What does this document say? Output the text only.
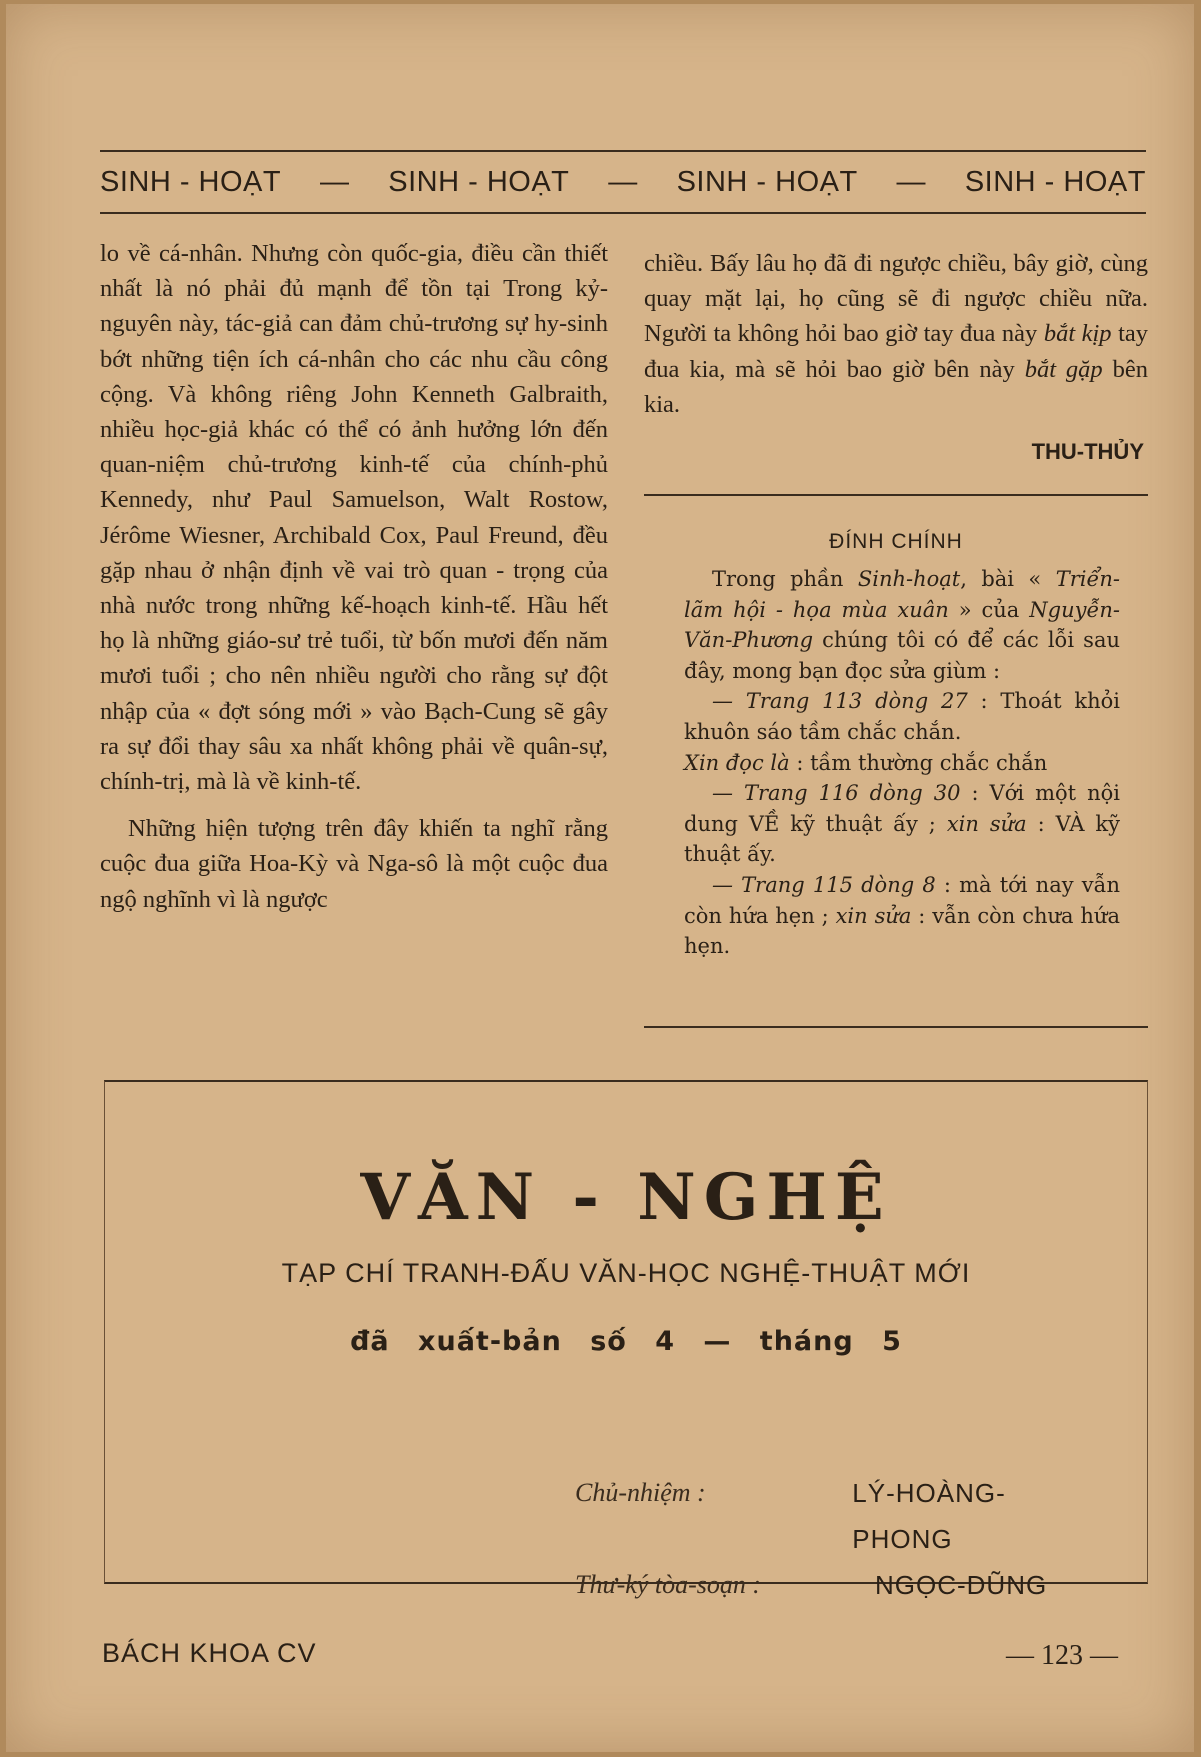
SINH - HOẠT — SINH - HOẠT — SINH - HOẠT — SINH - HOẠT

lo về cá-nhân. Nhưng còn quốc-gia, điều cần thiết nhất là nó phải đủ mạnh để tồn tại Trong kỷ-nguyên này, tác-giả can đảm chủ-trương sự hy-sinh bớt những tiện ích cá-nhân cho các nhu cầu công cộng. Và không riêng John Kenneth Galbraith, nhiều học-giả khác có thể có ảnh hưởng lớn đến quan-niệm chủ-trương kinh-tế của chính-phủ Kennedy, như Paul Samuelson, Walt Rostow, Jérôme Wiesner, Archibald Cox, Paul Freund, đều gặp nhau ở nhận định về vai trò quan - trọng của nhà nước trong những kế-hoạch kinh-tế. Hầu hết họ là những giáo-sư trẻ tuổi, từ bốn mươi đến năm mươi tuổi ; cho nên nhiều người cho rằng sự đột nhập của « đợt sóng mới » vào Bạch-Cung sẽ gây ra sự đổi thay sâu xa nhất không phải về quân-sự, chính-trị, mà là về kinh-tế.

Những hiện tượng trên đây khiến ta nghĩ rằng cuộc đua giữa Hoa-Kỳ và Nga-sô là một cuộc đua ngộ nghĩnh vì là ngược

chiều. Bấy lâu họ đã đi ngược chiều, bây giờ, cùng quay mặt lại, họ cũng sẽ đi ngược chiều nữa. Người ta không hỏi bao giờ tay đua này bắt kịp tay đua kia, mà sẽ hỏi bao giờ bên này bắt gặp bên kia.

THU-THỦY
ĐÍNH CHÍNH

Trong phần Sinh-hoạt, bài « Triển-lãm hội - họa mùa xuân » của Nguyễn-Văn-Phương chúng tôi có để các lỗi sau đây, mong bạn đọc sửa giùm :

— Trang 113 dòng 27 : Thoát khỏi khuôn sáo tầm chắc chắn.

Xin đọc là : tầm thường chắc chắn

— Trang 116 dòng 30 : Với một nội dung VỀ kỹ thuật ấy ; xin sửa : VÀ kỹ thuật ấy.

— Trang 115 dòng 8 : mà tới nay vẫn còn hứa hẹn ; xin sửa : vẫn còn chưa hứa hẹn.

VĂN - NGHỆ
TẠP CHÍ TRANH-ĐẤU VĂN-HỌC NGHỆ-THUẬT MỚI
đã xuất-bản số 4 — tháng 5
Chủ-nhiệm :	LÝ-HOÀNG-PHONG
Thư-ký tòa-soạn :	NGỌC-DŨNG
BÁCH KHOA CV	— 123 —
